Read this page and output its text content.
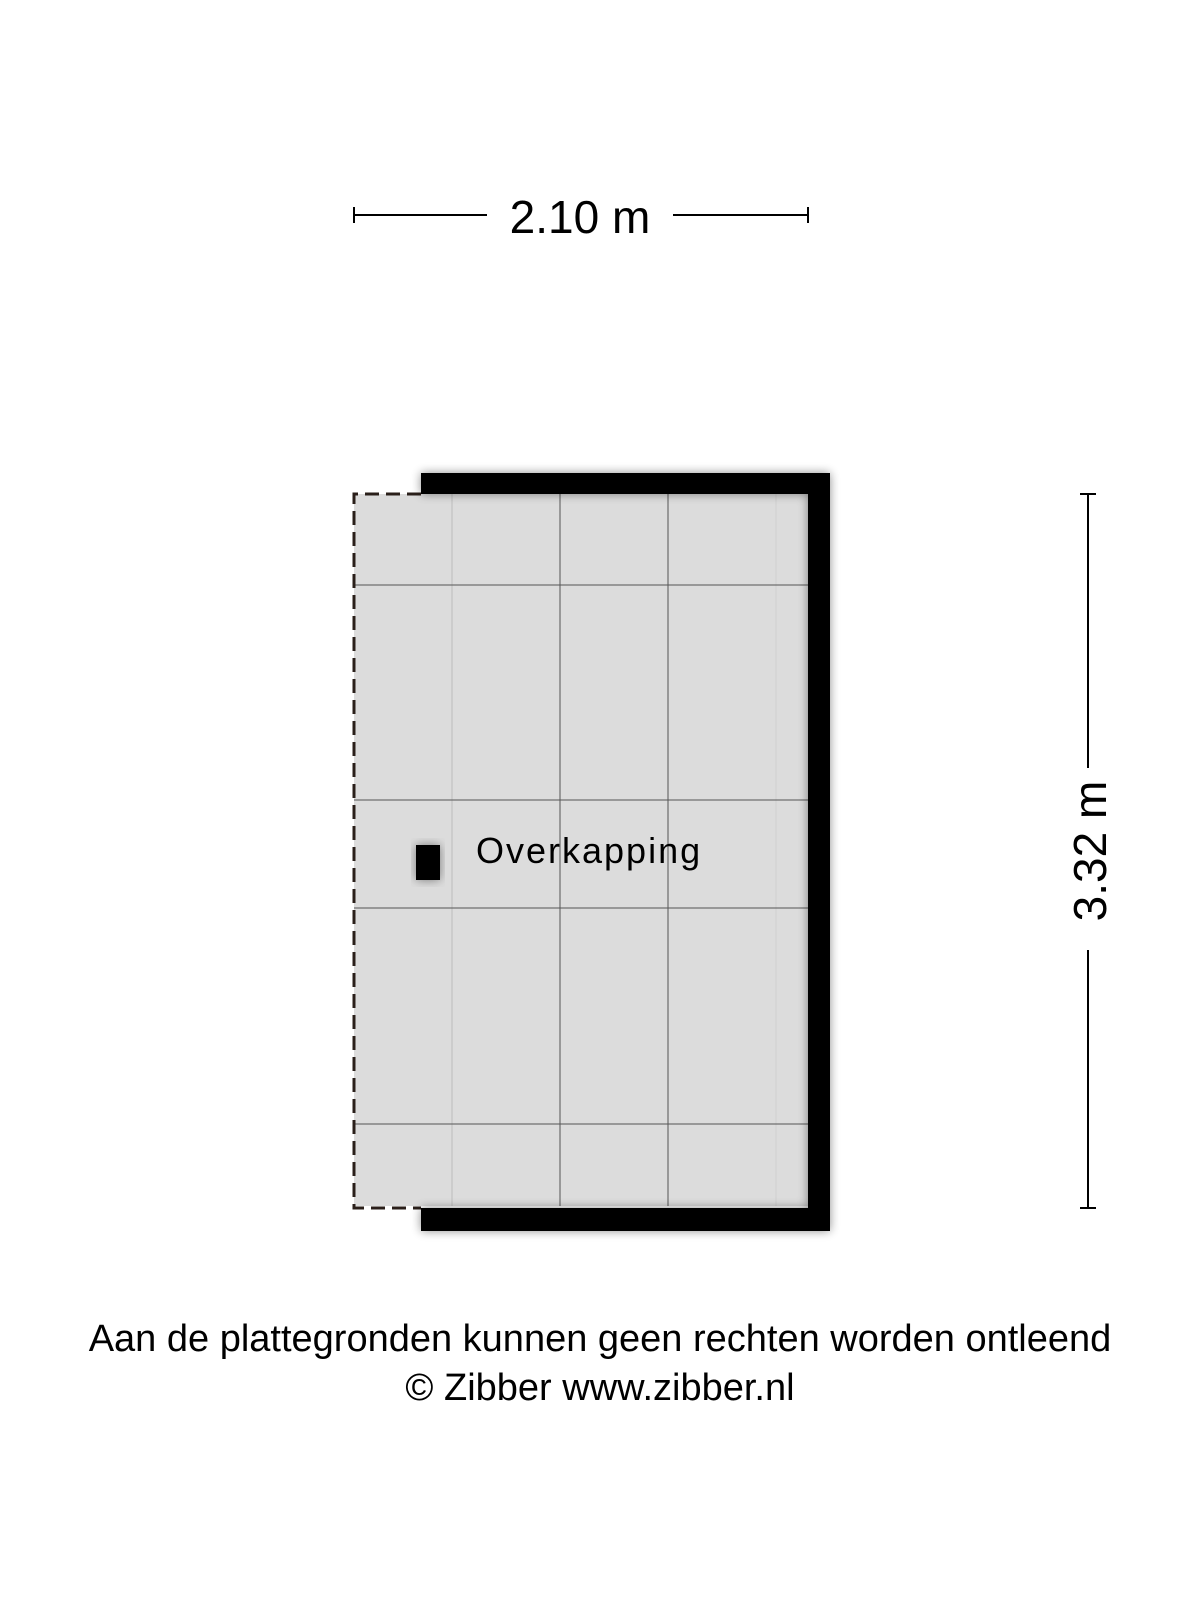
2.10 m
Overkapping	3.32 m
Aan de plattegronden kunnen geen rechten worden ontleend
© Zibber www.zibber.nl
